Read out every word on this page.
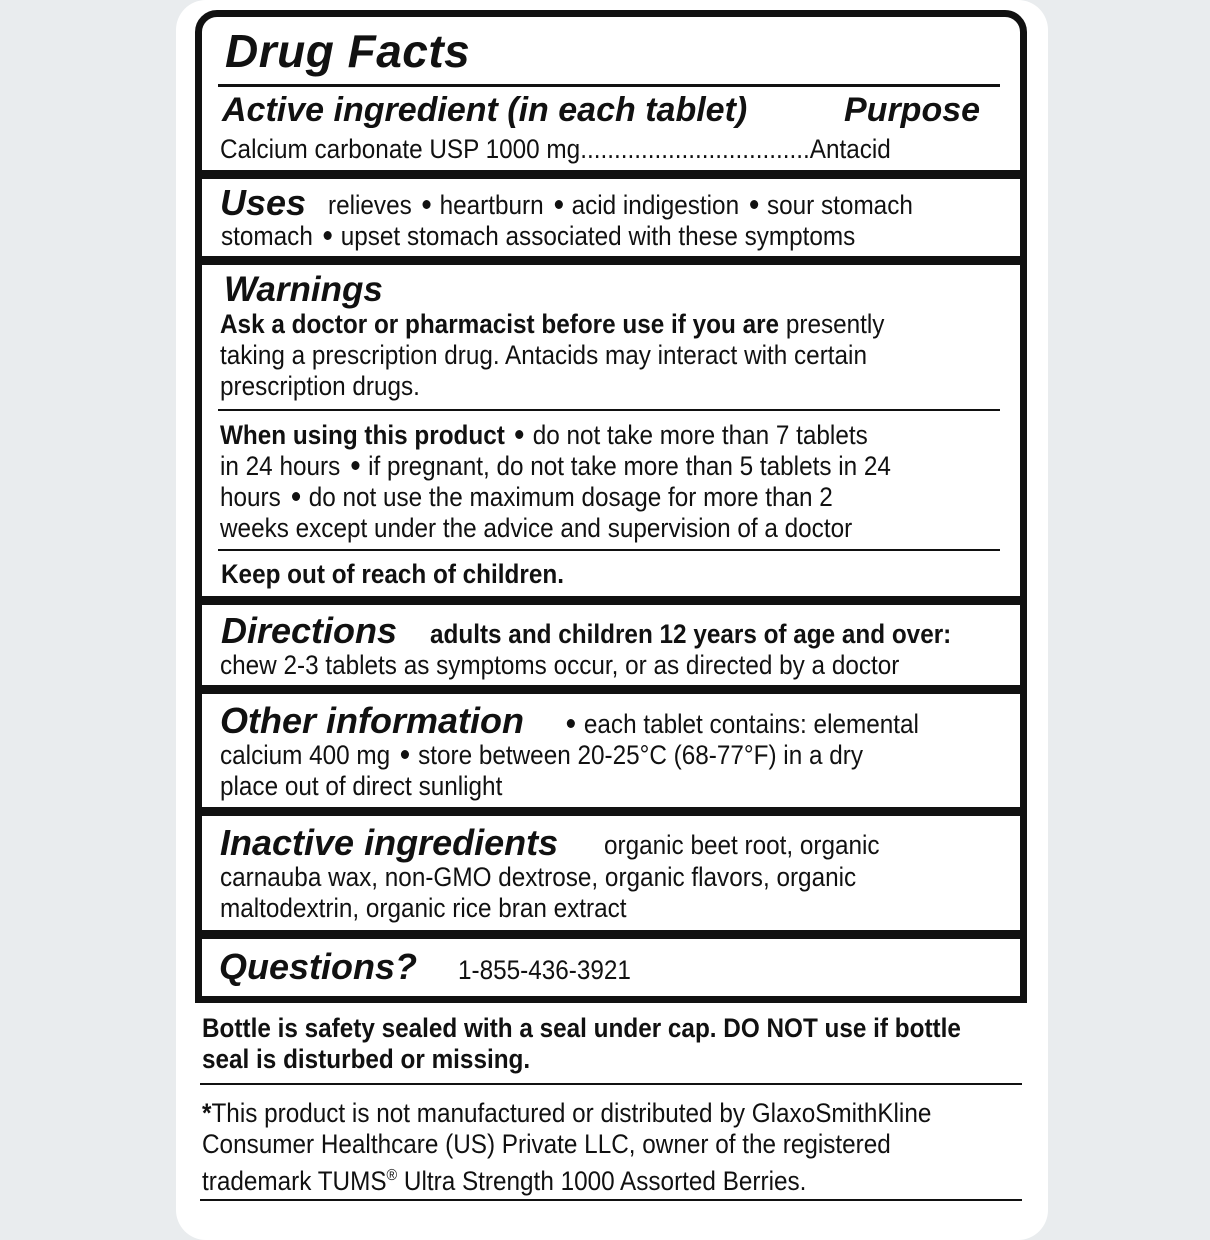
Drug Facts
Active ingredient (in each tablet)	Purpose
Calcium carbonate USP 1000 mg..................................Antacid
Uses relieves heartburn acid indigestion sour stomach
stomach upset stomach associated with these symptoms
Warnings
Ask a doctor or pharmacist before use if you are presently
taking a prescription drug. Antacids may interact with certain
prescription drugs.
When using this product do not take more than 7 tablets
in 24 hours if pregnant, do not take more than 5 tablets in 24
hours do not use the maximum dosage for more than 2
weeks except under the advice and supervision of a doctor
Keep out of reach of children.
Directions adults and children 12 years of age and over:
chew 2-3 tablets as symptoms occur, or as directed by a doctor
Other information	each tablet contains: elemental
calcium 400 mg store between 20-25°C (68-77°F) in a dry
place out of direct sunlight
Inactive ingredients organic beet root, organic
carnauba wax, non-GMO dextrose, organic flavors, organic
maltodextrin, organic rice bran extract
Questions? 1-855-436-3921
Bottle is safety sealed with a seal under cap. DO NOT use if bottle
seal is disturbed or missing.
*This product is not manufactured or distributed by GlaxoSmithKline
Consumer Healthcare (US) Private LLC, owner of the registered
trademark TUMS® Ultra Strength 1000 Assorted Berries.
